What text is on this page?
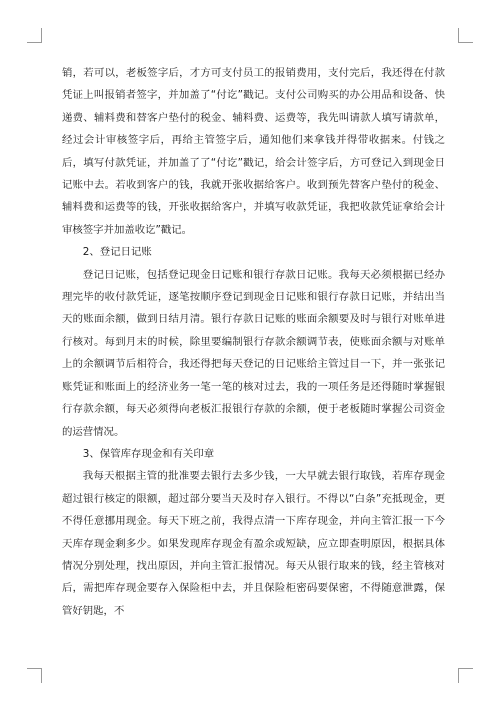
销，若可以，老板签字后，才方可支付员工的报销费用，支付完后，我还得在付款凭证上叫报销者签字，并加盖了“付讫”戳记。支付公司购买的办公用品和设备、快递费、辅料费和替客户垫付的税金、辅料费、运费等，我先叫请款人填写请款单，经过会计审核签字后，再给主管签字后，通知他们来拿钱并得带收据来。付钱之后，填写付款凭证，并加盖了了“付讫”戳记，给会计签字后，方可登记入到现金日记账中去。若收到客户的钱，我就开张收据给客户。收到预先替客户垫付的税金、辅料费和运费等的钱，开张收据给客户，并填写收款凭证，我把收款凭证拿给会计审核签字并加盖收讫”戳记。

2、登记日记账

登记日记账，包括登记现金日记账和银行存款日记账。我每天必须根据已经办理完毕的收付款凭证，逐笔按顺序登记到现金日记账和银行存款日记账，并结出当天的账面余额，做到日结月清。银行存款日记账的账面余额要及时与银行对账单进行核对。每到月末的时候，除里要编制银行存款余额调节表，使账面余额与对账单上的余额调节后相符合，我还得把每天登记的日记账给主管过目一下，并一张张记账凭证和账面上的经济业务一笔一笔的核对过去，我的一项任务是还得随时掌握银行存款余额，每天必须得向老板汇报银行存款的余额，便于老板随时掌握公司资金的运营情况。

3、保管库存现金和有关印章

我每天根据主管的批准要去银行去多少钱，一大早就去银行取钱，若库存现金超过银行核定的限额，超过部分要当天及时存入银行。不得以“白条”充抵现金，更不得任意挪用现金。每天下班之前，我得点清一下库存现金，并向主管汇报一下今天库存现金剩多少。如果发现库存现金有盈余或短缺，应立即查明原因，根据具体情况分别处理，找出原因，并向主管汇报情况。每天从银行取来的钱，经主管核对后，需把库存现金要存入保险柜中去，并且保险柜密码要保密，不得随意泄露，保管好钥匙，不
